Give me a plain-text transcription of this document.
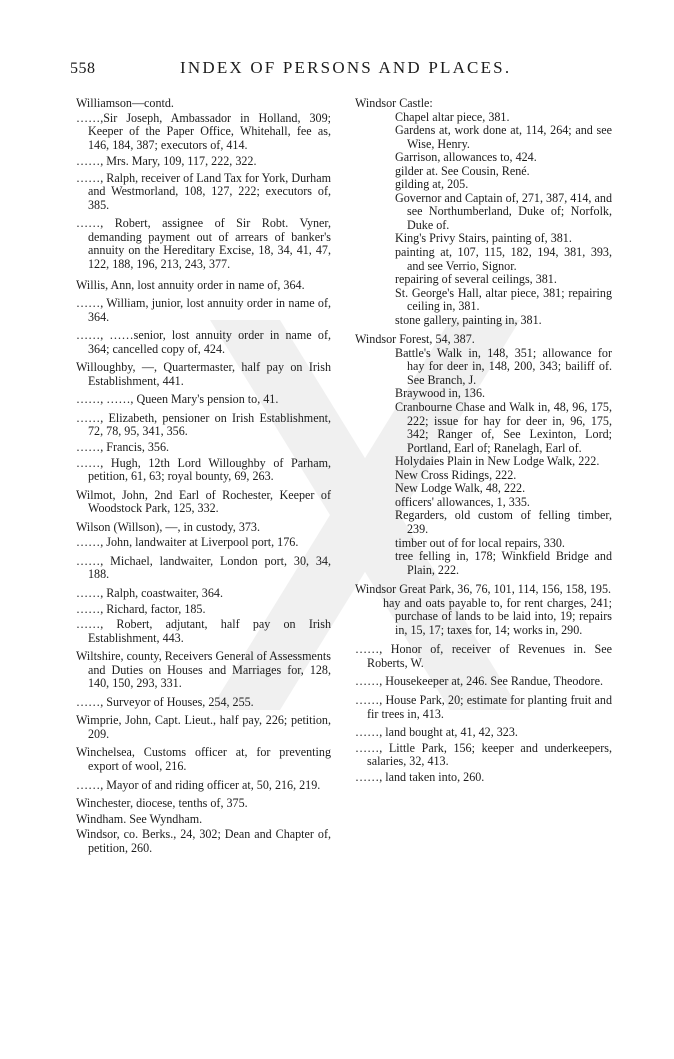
558	INDEX OF PERSONS AND PLACES.

Williamson—contd.

……,Sir Joseph, Ambassador in Holland, 309; Keeper of the Paper Office, Whitehall, fee as, 146, 184, 387; executors of, 414.

……, Mrs. Mary, 109, 117, 222, 322.

……, Ralph, receiver of Land Tax for York, Durham and Westmorland, 108, 127, 222; executors of, 385.

……, Robert, assignee of Sir Robt. Vyner, demanding payment out of arrears of banker's annuity on the Hereditary Excise, 18, 34, 41, 47, 122, 188, 196, 213, 243, 377.

Willis, Ann, lost annuity order in name of, 364.

……, William, junior, lost annuity order in name of, 364.

……, ……senior, lost annuity order in name of, 364; cancelled copy of, 424.

Willoughby, —, Quartermaster, half pay on Irish Establishment, 441.

……, ……, Queen Mary's pension to, 41.

……, Elizabeth, pensioner on Irish Establishment, 72, 78, 95, 341, 356.

……, Francis, 356.

……, Hugh, 12th Lord Willoughby of Parham, petition, 61, 63; royal bounty, 69, 263.

Wilmot, John, 2nd Earl of Rochester, Keeper of Woodstock Park, 125, 332.

Wilson (Willson), —, in custody, 373.

……, John, landwaiter at Liverpool port, 176.

……, Michael, landwaiter, London port, 30, 34, 188.

……, Ralph, coastwaiter, 364.

……, Richard, factor, 185.

……, Robert, adjutant, half pay on Irish Establishment, 443.

Wiltshire, county, Receivers General of Assessments and Duties on Houses and Marriages for, 128, 140, 150, 293, 331.

……, Surveyor of Houses, 254, 255.

Wimprie, John, Capt. Lieut., half pay, 226; petition, 209.

Winchelsea, Customs officer at, for preventing export of wool, 216.

……, Mayor of and riding officer at, 50, 216, 219.

Winchester, diocese, tenths of, 375.

Windham. See Wyndham.

Windsor, co. Berks., 24, 302; Dean and Chapter of, petition, 260.

Windsor Castle:

Chapel altar piece, 381.

Gardens at, work done at, 114, 264; and see Wise, Henry.

Garrison, allowances to, 424.

gilder at. See Cousin, René.

gilding at, 205.

Governor and Captain of, 271, 387, 414, and see Northumberland, Duke of; Norfolk, Duke of.

King's Privy Stairs, painting of, 381.

painting at, 107, 115, 182, 194, 381, 393, and see Verrio, Signor.

repairing of several ceilings, 381.

St. George's Hall, altar piece, 381; repairing ceiling in, 381.

stone gallery, painting in, 381.

Windsor Forest, 54, 387.

Battle's Walk in, 148, 351; allowance for hay for deer in, 148, 200, 343; bailiff of. See Branch, J.

Braywood in, 136.

Cranbourne Chase and Walk in, 48, 96, 175, 222; issue for hay for deer in, 96, 175, 342; Ranger of, See Lexinton, Lord; Portland, Earl of; Ranelagh, Earl of.

Holydaies Plain in New Lodge Walk, 222.

New Cross Ridings, 222.

New Lodge Walk, 48, 222.

officers' allowances, 1, 335.

Regarders, old custom of felling timber, 239.

timber out of for local repairs, 330.

tree felling in, 178; Winkfield Bridge and Plain, 222.

Windsor Great Park, 36, 76, 101, 114, 156, 158, 195.

hay and oats payable to, for rent charges, 241; purchase of lands to be laid into, 19; repairs in, 15, 17; taxes for, 14; works in, 290.

……, Honor of, receiver of Revenues in. See Roberts, W.

……, Housekeeper at, 246. See Randue, Theodore.

……, House Park, 20; estimate for planting fruit and fir trees in, 413.

……, land bought at, 41, 42, 323.

……, Little Park, 156; keeper and underkeepers, salaries, 32, 413.

……, land taken into, 260.
